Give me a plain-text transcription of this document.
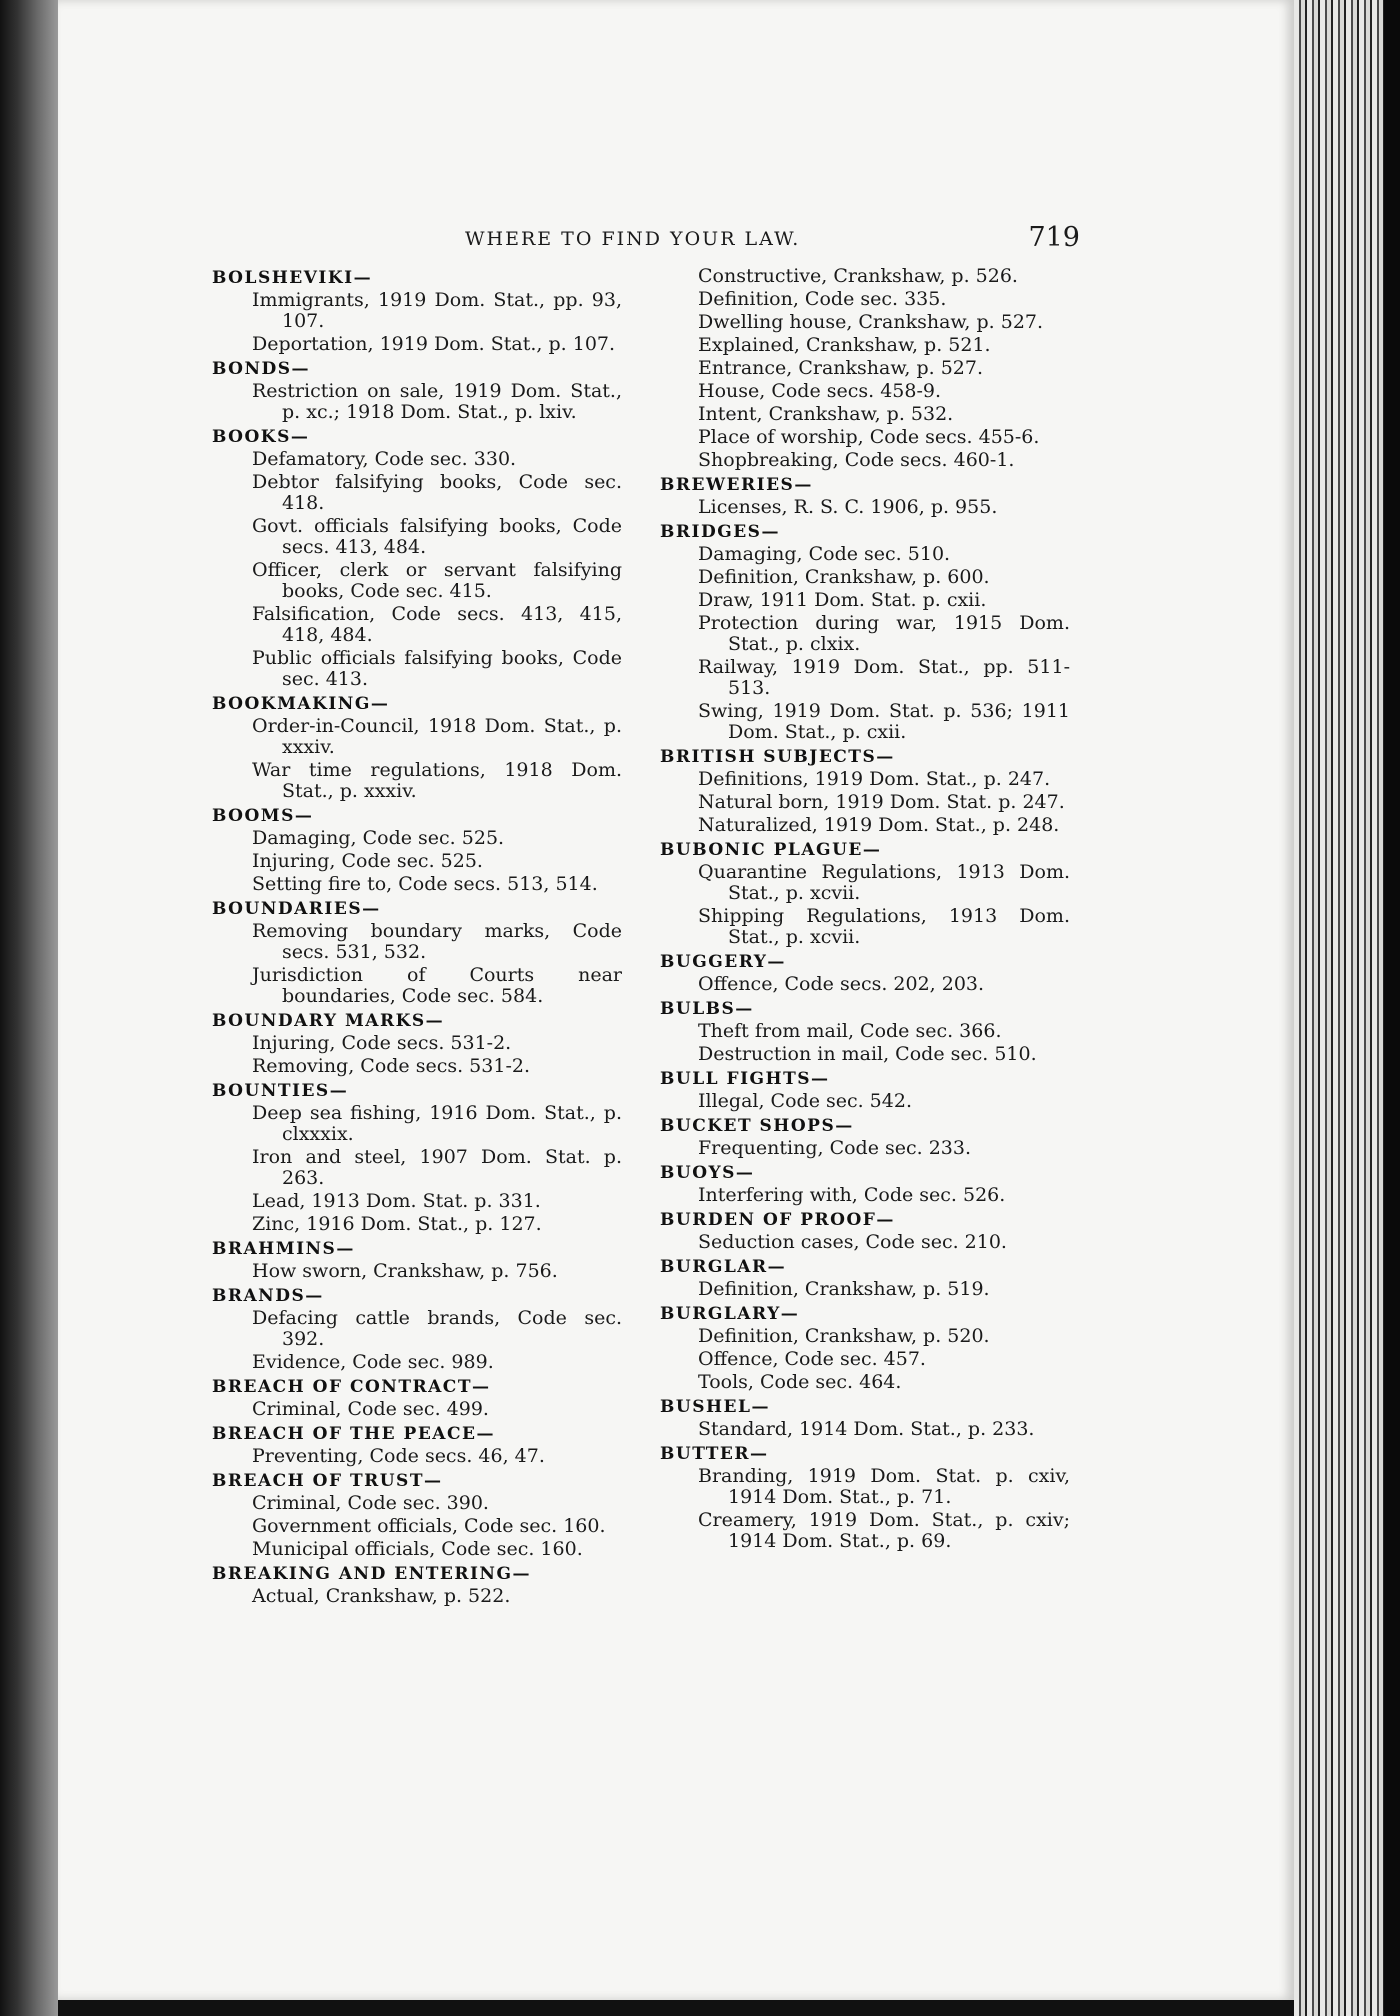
WHERE TO FIND YOUR LAW.	719
BOLSHEVIKI—
Immigrants, 1919 Dom. Stat., pp. 93, 107.
Deportation, 1919 Dom. Stat., p. 107.
BONDS—
Restriction on sale, 1919 Dom. Stat., p. xc.; 1918 Dom. Stat., p. lxiv.
BOOKS—
Defamatory, Code sec. 330.
Debtor falsifying books, Code sec. 418.
Govt. officials falsifying books, Code secs. 413, 484.
Officer, clerk or servant falsifying books, Code sec. 415.
Falsification, Code secs. 413, 415, 418, 484.
Public officials falsifying books, Code sec. 413.
BOOKMAKING—
Order-in-Council, 1918 Dom. Stat., p. xxxiv.
War time regulations, 1918 Dom. Stat., p. xxxiv.
BOOMS—
Damaging, Code sec. 525.
Injuring, Code sec. 525.
Setting fire to, Code secs. 513, 514.
BOUNDARIES—
Removing boundary marks, Code secs. 531, 532.
Jurisdiction of Courts near boundaries, Code sec. 584.
BOUNDARY MARKS—
Injuring, Code secs. 531-2.
Removing, Code secs. 531-2.
BOUNTIES—
Deep sea fishing, 1916 Dom. Stat., p. clxxxix.
Iron and steel, 1907 Dom. Stat. p. 263.
Lead, 1913 Dom. Stat. p. 331.
Zinc, 1916 Dom. Stat., p. 127.
BRAHMINS—
How sworn, Crankshaw, p. 756.
BRANDS—
Defacing cattle brands, Code sec. 392.
Evidence, Code sec. 989.
BREACH OF CONTRACT—
Criminal, Code sec. 499.
BREACH OF THE PEACE—
Preventing, Code secs. 46, 47.
BREACH OF TRUST—
Criminal, Code sec. 390.
Government officials, Code sec. 160.
Municipal officials, Code sec. 160.
BREAKING AND ENTERING—
Actual, Crankshaw, p. 522.
Constructive, Crankshaw, p. 526.
Definition, Code sec. 335.
Dwelling house, Crankshaw, p. 527.
Explained, Crankshaw, p. 521.
Entrance, Crankshaw, p. 527.
House, Code secs. 458-9.
Intent, Crankshaw, p. 532.
Place of worship, Code secs. 455-6.
Shopbreaking, Code secs. 460-1.
BREWERIES—
Licenses, R. S. C. 1906, p. 955.
BRIDGES—
Damaging, Code sec. 510.
Definition, Crankshaw, p. 600.
Draw, 1911 Dom. Stat. p. cxii.
Protection during war, 1915 Dom. Stat., p. clxix.
Railway, 1919 Dom. Stat., pp. 511-513.
Swing, 1919 Dom. Stat. p. 536; 1911 Dom. Stat., p. cxii.
BRITISH SUBJECTS—
Definitions, 1919 Dom. Stat., p. 247.
Natural born, 1919 Dom. Stat. p. 247.
Naturalized, 1919 Dom. Stat., p. 248.
BUBONIC PLAGUE—
Quarantine Regulations, 1913 Dom. Stat., p. xcvii.
Shipping Regulations, 1913 Dom. Stat., p. xcvii.
BUGGERY—
Offence, Code secs. 202, 203.
BULBS—
Theft from mail, Code sec. 366.
Destruction in mail, Code sec. 510.
BULL FIGHTS—
Illegal, Code sec. 542.
BUCKET SHOPS—
Frequenting, Code sec. 233.
BUOYS—
Interfering with, Code sec. 526.
BURDEN OF PROOF—
Seduction cases, Code sec. 210.
BURGLAR—
Definition, Crankshaw, p. 519.
BURGLARY—
Definition, Crankshaw, p. 520.
Offence, Code sec. 457.
Tools, Code sec. 464.
BUSHEL—
Standard, 1914 Dom. Stat., p. 233.
BUTTER—
Branding, 1919 Dom. Stat. p. cxiv, 1914 Dom. Stat., p. 71.
Creamery, 1919 Dom. Stat., p. cxiv; 1914 Dom. Stat., p. 69.
